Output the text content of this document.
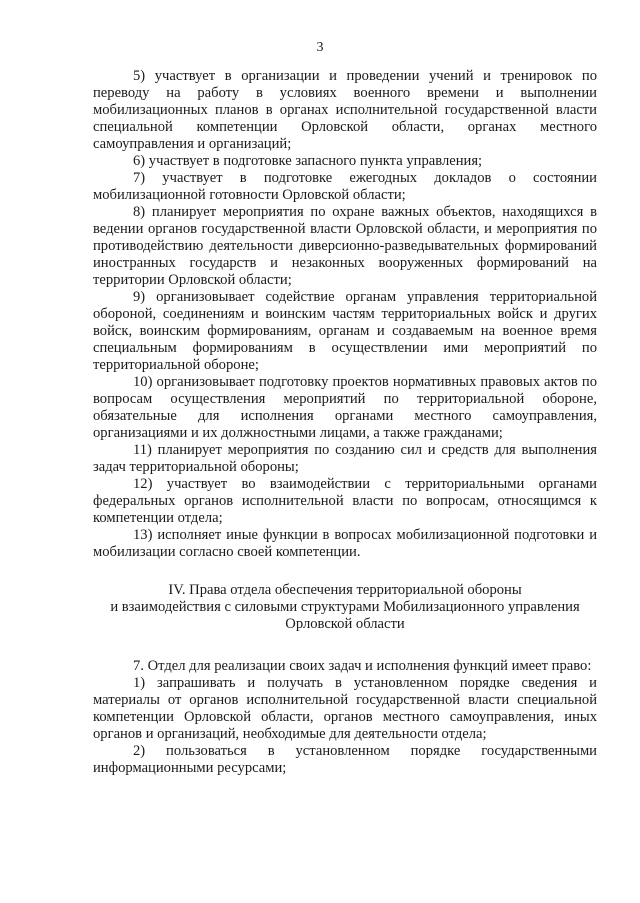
3

5) участвует в организации и проведении учений и тренировок по переводу на работу в условиях военного времени и выполнении мобилизационных планов в органах исполнительной государственной власти специальной компетенции Орловской области, органах местного самоуправления и организаций;

6) участвует в подготовке запасного пункта управления;

7) участвует в подготовке ежегодных докладов о состоянии мобилизационной готовности Орловской области;

8) планирует мероприятия по охране важных объектов, находящихся в ведении органов государственной власти Орловской области, и мероприятия по противодействию деятельности диверсионно-разведывательных формирований иностранных государств и незаконных вооруженных формирований на территории Орловской области;

9) организовывает содействие органам управления территориальной обороной, соединениям и воинским частям территориальных войск и других войск, воинским формированиям, органам и создаваемым на военное время специальным формированиям в осуществлении ими мероприятий по территориальной обороне;

10) организовывает подготовку проектов нормативных правовых актов по вопросам осуществления мероприятий по территориальной обороне, обязательные для исполнения органами местного самоуправления, организациями и их должностными лицами, а также гражданами;

11) планирует мероприятия по созданию сил и средств для выполнения задач территориальной обороны;

12) участвует во взаимодействии с территориальными органами федеральных органов исполнительной власти по вопросам, относящимся к компетенции отдела;

13) исполняет иные функции в вопросах мобилизационной подготовки и мобилизации согласно своей компетенции.

IV. Права отдела обеспечения территориальной обороны
и взаимодействия с силовыми структурами Мобилизационного управления
Орловской области

7. Отдел для реализации своих задач и исполнения функций имеет право:

1) запрашивать и получать в установленном порядке сведения и материалы от органов исполнительной государственной власти специальной компетенции Орловской области, органов местного самоуправления, иных органов и организаций, необходимые для деятельности отдела;

2) пользоваться в установленном порядке государственными информационными ресурсами;
